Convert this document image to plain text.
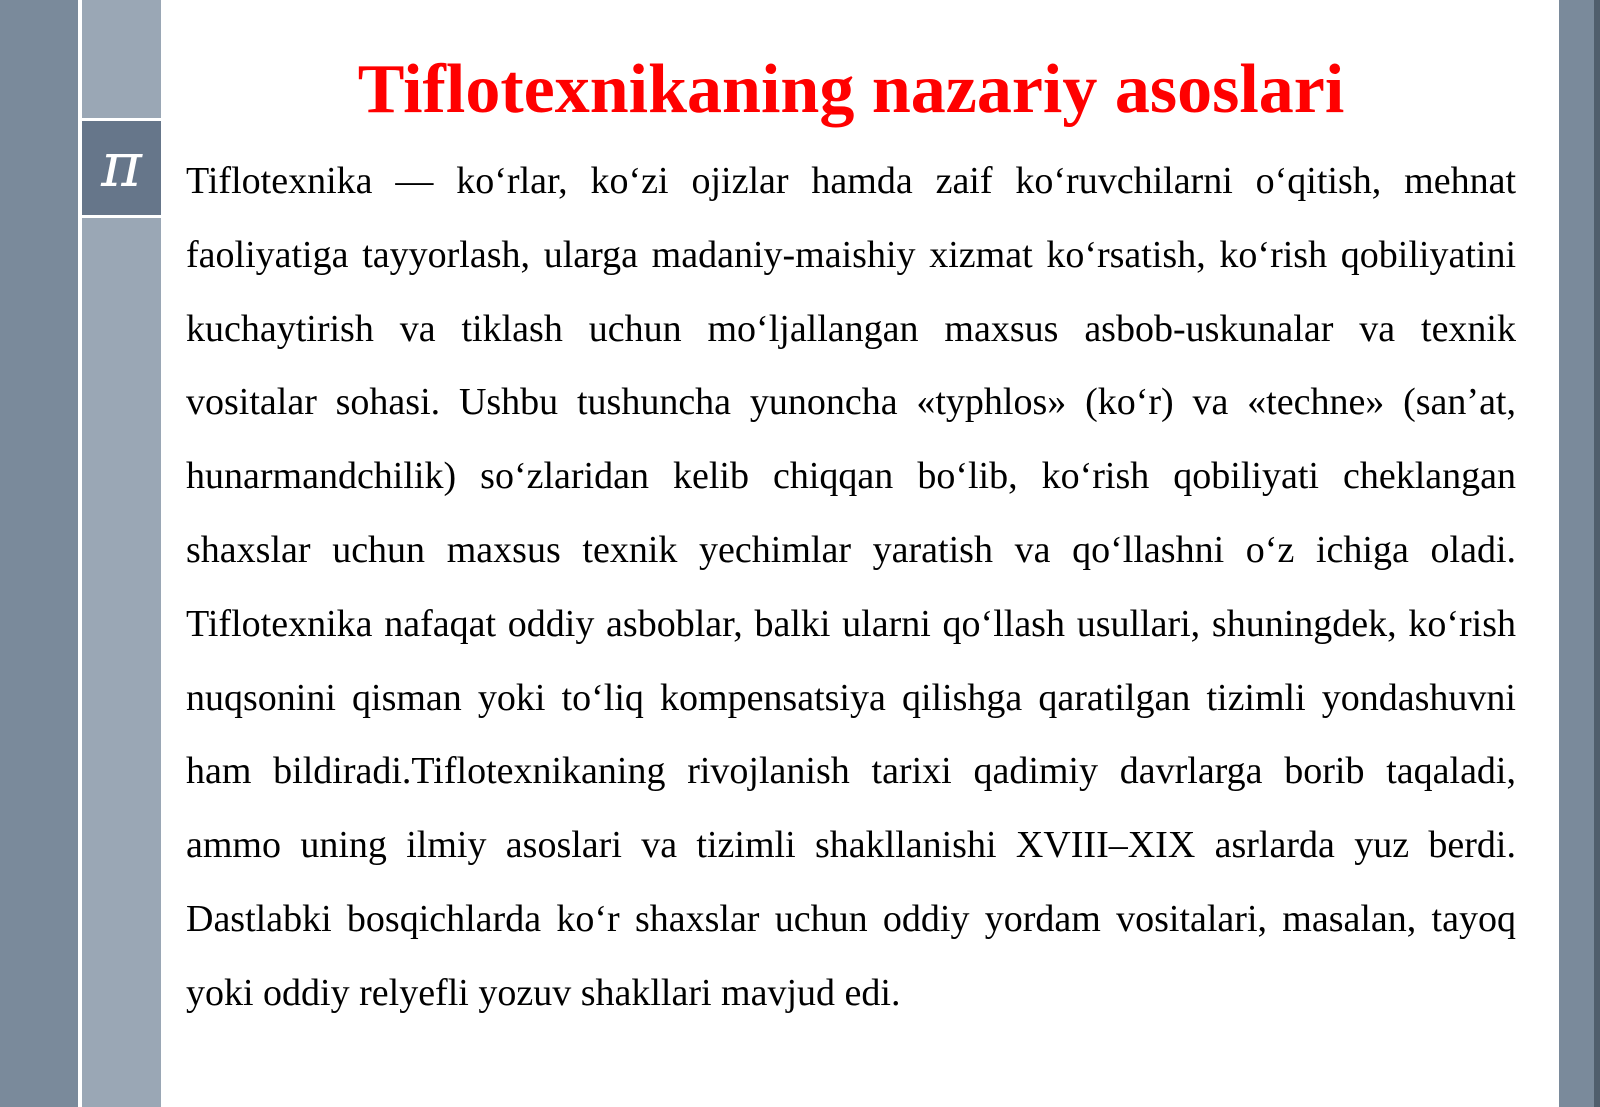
π
Tiflotexnikaning nazariy asoslari

Tiflotexnika — ko‘rlar, ko‘zi ojizlar hamda zaif ko‘ruvchilarni o‘qitish, mehnat faoliyatiga tayyorlash, ularga madaniy-maishiy xizmat ko‘rsatish, ko‘rish qobiliyatini kuchaytirish va tiklash uchun mo‘ljallangan maxsus asbob-uskunalar va texnik vositalar sohasi. Ushbu tushuncha yunoncha «typhlos» (ko‘r) va «techne» (san’at, hunarmandchilik) so‘zlaridan kelib chiqqan bo‘lib, ko‘rish qobiliyati cheklangan shaxslar uchun maxsus texnik yechimlar yaratish va qo‘llashni o‘z ichiga oladi. Tiflotexnika nafaqat oddiy asboblar, balki ularni qo‘llash usullari, shuningdek, ko‘rish nuqsonini qisman yoki to‘liq kompensatsiya qilishga qaratilgan tizimli yondashuvni ham bildiradi.Tiflotexnikaning rivojlanish tarixi qadimiy davrlarga borib taqaladi, ammo uning ilmiy asoslari va tizimli shakllanishi XVIII–XIX asrlarda yuz berdi. Dastlabki bosqichlarda ko‘r shaxslar uchun oddiy yordam vositalari, masalan, tayoq yoki oddiy relyefli yozuv shakllari mavjud edi.
